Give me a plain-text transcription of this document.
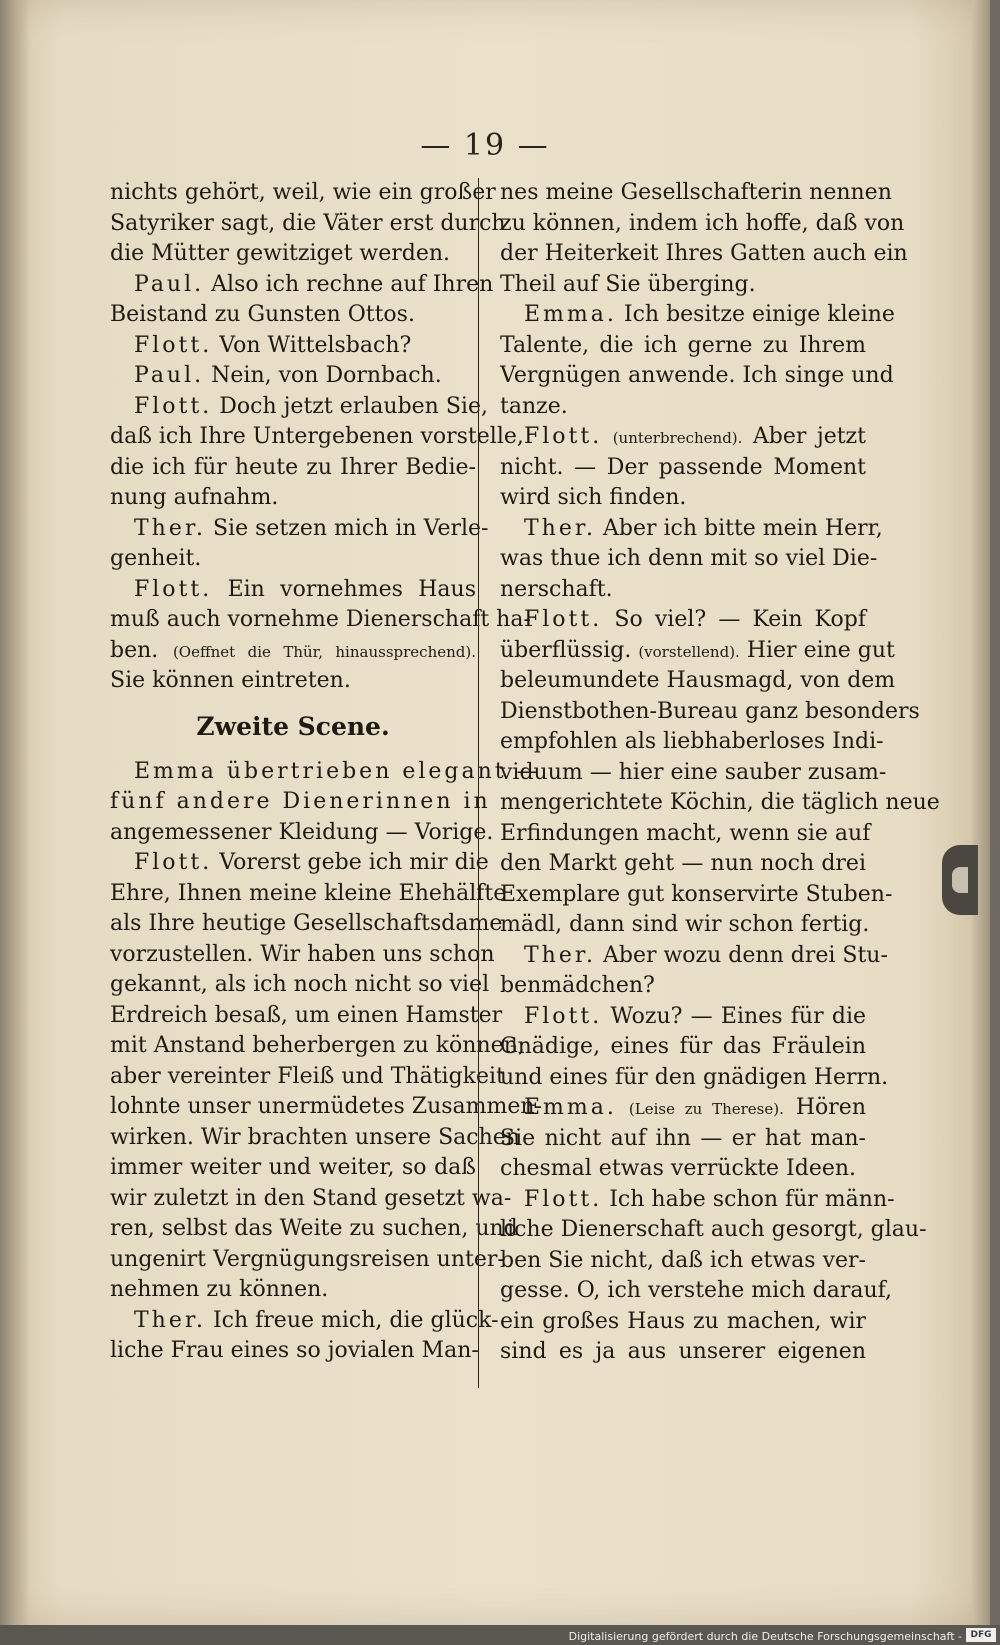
— 19 —
nichts gehört, weil, wie ein großer
Satyriker sagt, die Väter erst durch
die Mütter gewitziget werden.
Paul. Also ich rechne auf Ihren
Beistand zu Gunsten Ottos.
Flott. Von Wittelsbach?
Paul. Nein, von Dornbach.
Flott. Doch jetzt erlauben Sie,
daß ich Ihre Untergebenen vorstelle,
die ich für heute zu Ihrer Bedie-
nung aufnahm.
Ther. Sie setzen mich in Verle-
genheit.
Flott. Ein vornehmes Haus
muß auch vornehme Dienerschaft ha-
ben. (Oeffnet die Thür, hinaussprechend).
Sie können eintreten.
Zweite Scene.
Emma übertrieben elegant —
fünf andere Dienerinnen in
angemessener Kleidung — Vorige.
Flott. Vorerst gebe ich mir die
Ehre, Ihnen meine kleine Ehehälfte
als Ihre heutige Gesellschaftsdame
vorzustellen. Wir haben uns schon
gekannt, als ich noch nicht so viel
Erdreich besaß, um einen Hamster
mit Anstand beherbergen zu können;
aber vereinter Fleiß und Thätigkeit
lohnte unser unermüdetes Zusammen-
wirken. Wir brachten unsere Sachen
immer weiter und weiter, so daß
wir zuletzt in den Stand gesetzt wa-
ren, selbst das Weite zu suchen, und
ungenirt Vergnügungsreisen unter-
nehmen zu können.
Ther. Ich freue mich, die glück-
liche Frau eines so jovialen Man-
nes meine Gesellschafterin nennen
zu können, indem ich hoffe, daß von
der Heiterkeit Ihres Gatten auch ein
Theil auf Sie überging.
Emma. Ich besitze einige kleine
Talente, die ich gerne zu Ihrem
Vergnügen anwende. Ich singe und
tanze.
Flott. (unterbrechend). Aber jetzt
nicht. — Der passende Moment
wird sich finden.
Ther. Aber ich bitte mein Herr,
was thue ich denn mit so viel Die-
nerschaft.
Flott. So viel? — Kein Kopf
überflüssig. (vorstellend). Hier eine gut
beleumundete Hausmagd, von dem
Dienstbothen-Bureau ganz besonders
empfohlen als liebhaberloses Indi-
viduum — hier eine sauber zusam-
mengerichtete Köchin, die täglich neue
Erfindungen macht, wenn sie auf
den Markt geht — nun noch drei
Exemplare gut konservirte Stuben-
mädl, dann sind wir schon fertig.
Ther. Aber wozu denn drei Stu-
benmädchen?
Flott. Wozu? — Eines für die
Gnädige, eines für das Fräulein
und eines für den gnädigen Herrn.
Emma. (Leise zu Therese). Hören
Sie nicht auf ihn — er hat man-
chesmal etwas verrückte Ideen.
Flott. Ich habe schon für männ-
liche Dienerschaft auch gesorgt, glau-
ben Sie nicht, daß ich etwas ver-
gesse. O, ich verstehe mich darauf,
ein großes Haus zu machen, wir
sind es ja aus unserer eigenen
Digitalisierung gefördert durch die Deutsche Forschungsgemeinschaft - DFG
